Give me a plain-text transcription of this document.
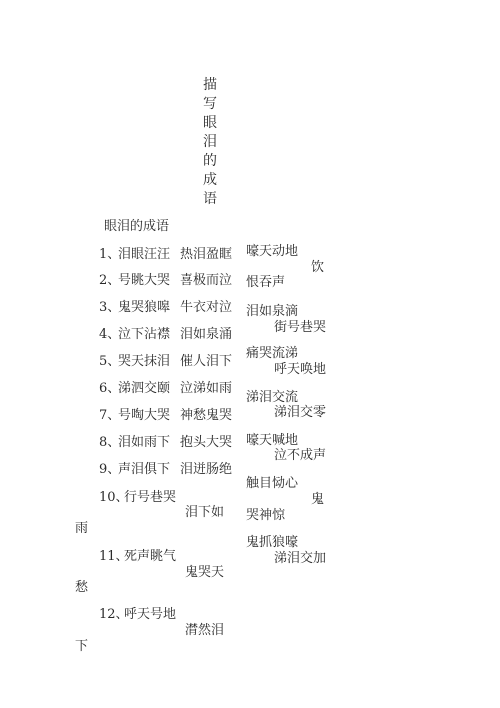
描
写
眼
泪
的
成
语
眼泪的成语
1、
泪眼汪汪 热泪盈眶
2、
号眺大哭 喜极而泣
3、
鬼哭狼嗥 牛衣对泣
4、
泣下沾襟 泪如泉涌
5、
哭天抹泪 催人泪下
6、
涕泗交颐 泣涕如雨
7、
号啕大哭 神愁鬼哭
8、
泪如雨下 抱头大哭
9、
声泪俱下 泪迸肠绝
10、
行号巷哭
泪下如
雨
11、
死声眺气
鬼哭天
愁
12、
呼天号地
潸然泪
下
嚎天动地
饮
恨吞声
泪如泉滴
街号巷哭
痛哭流涕
呼天唤地
涕泪交流
涕泪交零
嚎天喊地
泣不成声
触目恸心
鬼
哭神惊
鬼抓狼嚎
涕泪交加
